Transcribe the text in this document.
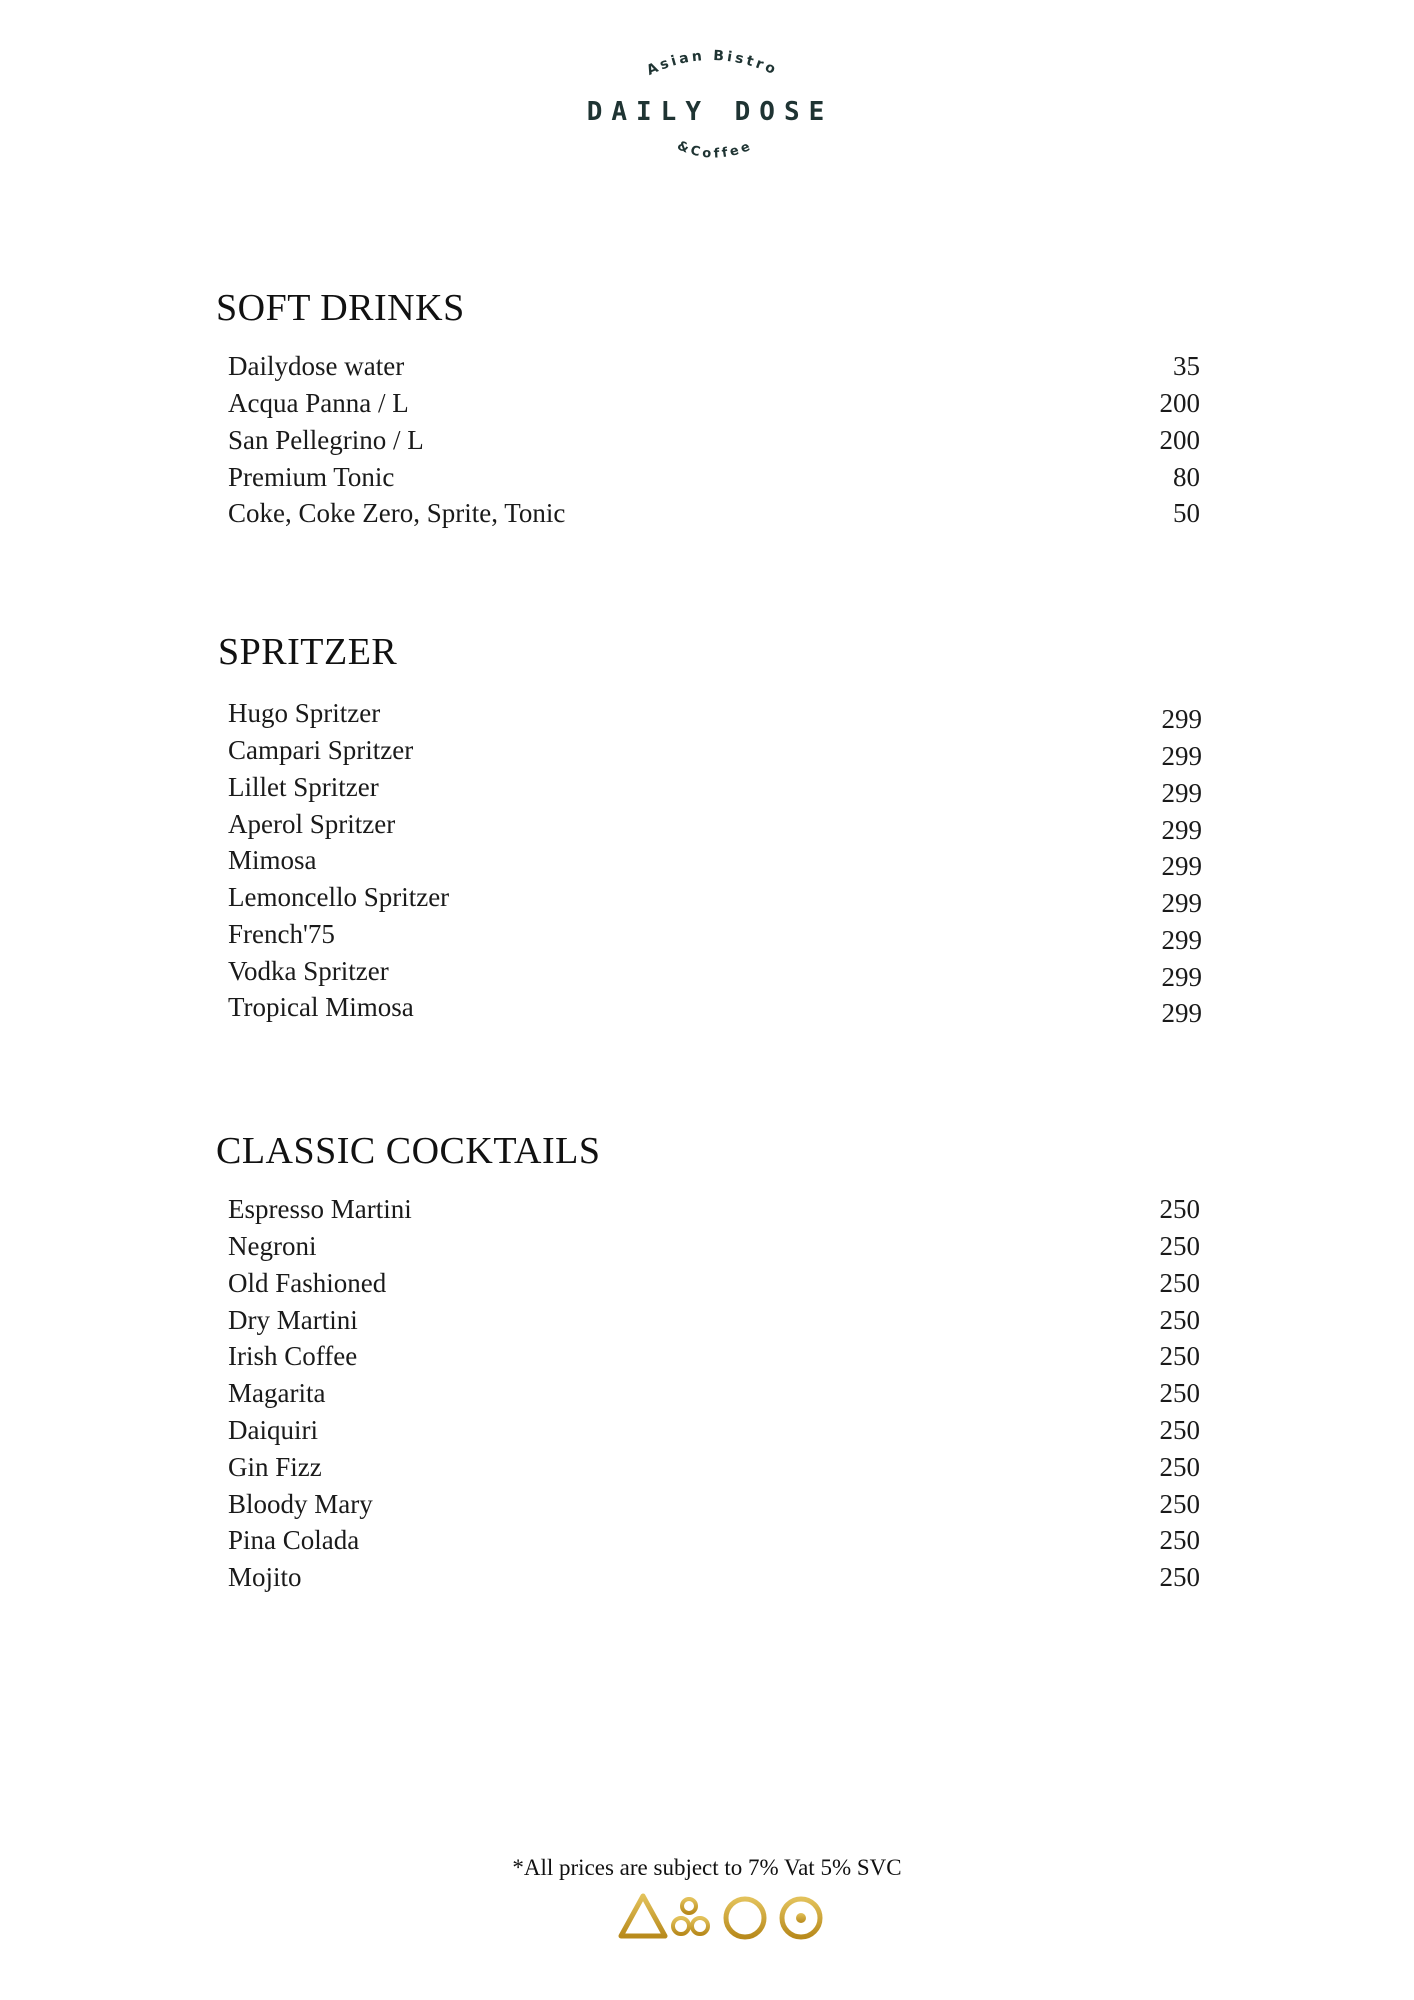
Asian Bistro
DAILY DOSE
&Coffee
SOFT DRINKS
Dailydose water	35
Acqua Panna / L	200
San Pellegrino / L	200
Premium Tonic	80
Coke, Coke Zero, Sprite, Tonic	50
SPRITZER
Hugo Spritzer	299
Campari Spritzer	299
Lillet Spritzer	299
Aperol Spritzer	299
Mimosa	299
Lemoncello Spritzer	299
French'75	299
Vodka Spritzer	299
Tropical Mimosa	299
CLASSIC COCKTAILS
Espresso Martini	250
Negroni	250
Old Fashioned	250
Dry Martini	250
Irish Coffee	250
Magarita	250
Daiquiri	250
Gin Fizz	250
Bloody Mary	250
Pina Colada	250
Mojito	250
*All prices are subject to 7% Vat 5% SVC
